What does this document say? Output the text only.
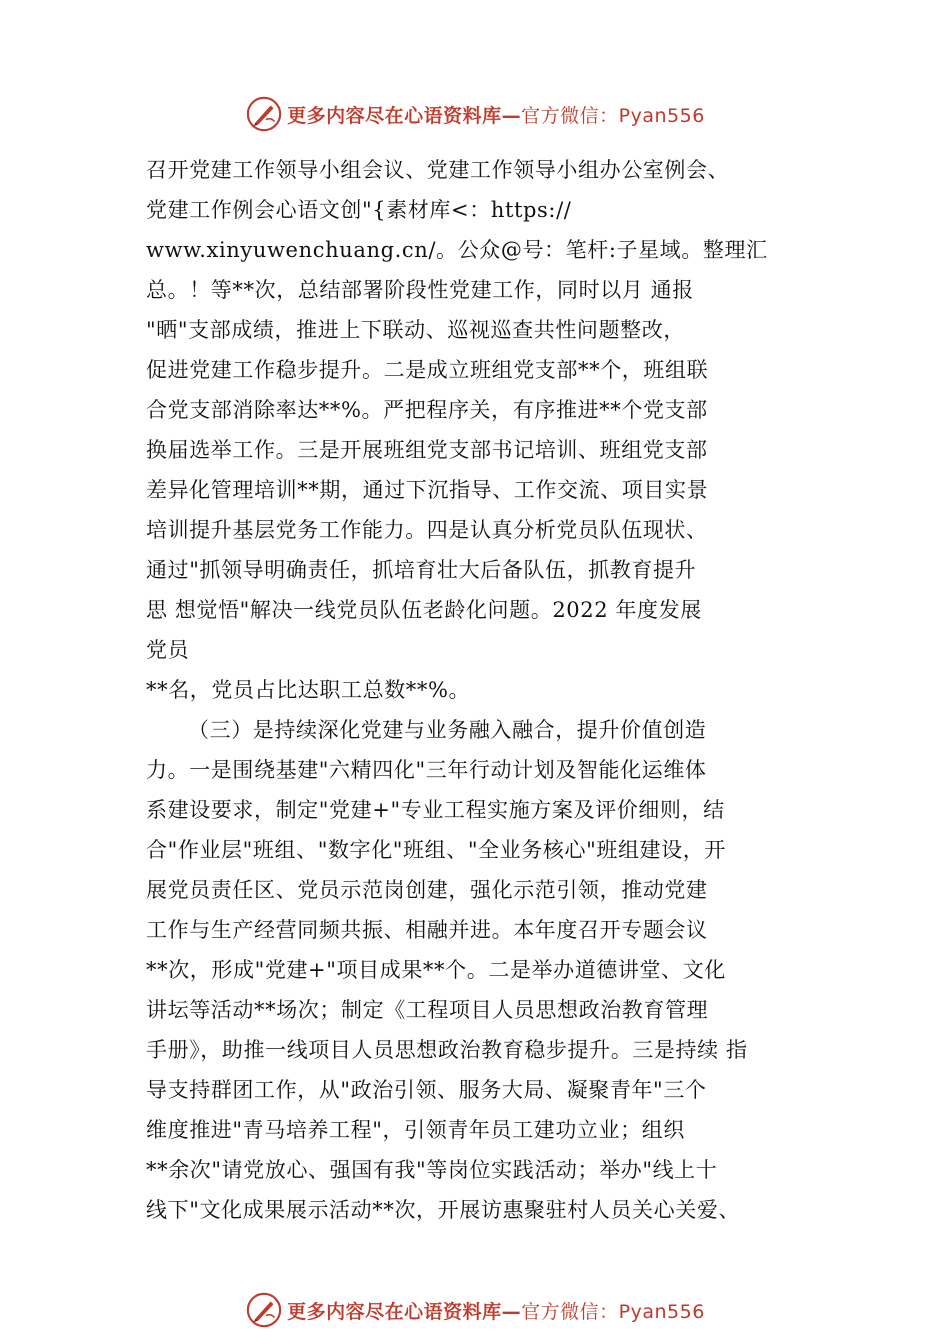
更多内容尽在心语资料库—官方微信：Pyan556
召开党建工作领导小组会议、党建工作领导小组办公室例会、
党建工作例会心语文创"{素材库<：https://
www.xinyuwenchuang.cn/。公众@号：笔杆:子星域。整理汇
总。！等**次，总结部署阶段性党建工作，同时以月 通报
"晒"支部成绩，推进上下联动、巡视巡查共性问题整改，
促进党建工作稳步提升。二是成立班组党支部**个，班组联
合党支部消除率达**%。严把程序关，有序推进**个党支部
换届选举工作。三是开展班组党支部书记培训、班组党支部
差异化管理培训**期，通过下沉指导、工作交流、项目实景
培训提升基层党务工作能力。四是认真分析党员队伍现状、
通过"抓领导明确责任，抓培育壮大后备队伍，抓教育提升
思 想觉悟"解决一线党员队伍老龄化问题。2022 年度发展
党员
**名，党员占比达职工总数**%。
（三）是持续深化党建与业务融入融合，提升价值创造
力。一是围绕基建"六精四化"三年行动计划及智能化运维体
系建设要求，制定"党建+"专业工程实施方案及评价细则，结
合"作业层"班组、"数字化"班组、"全业务核心"班组建设，开
展党员责任区、党员示范岗创建，强化示范引领，推动党建
工作与生产经营同频共振、相融并进。本年度召开专题会议
**次，形成"党建+"项目成果**个。二是举办道德讲堂、文化
讲坛等活动**场次；制定《工程项目人员思想政治教育管理
手册》，助推一线项目人员思想政治教育稳步提升。三是持续 指
导支持群团工作，从"政治引领、服务大局、凝聚青年"三个
维度推进"青马培养工程"，引领青年员工建功立业；组织
**余次"请党放心、强国有我"等岗位实践活动；举办"线上十
线下"文化成果展示活动**次，开展访惠聚驻村人员关心关爱、
更多内容尽在心语资料库—官方微信：Pyan556
